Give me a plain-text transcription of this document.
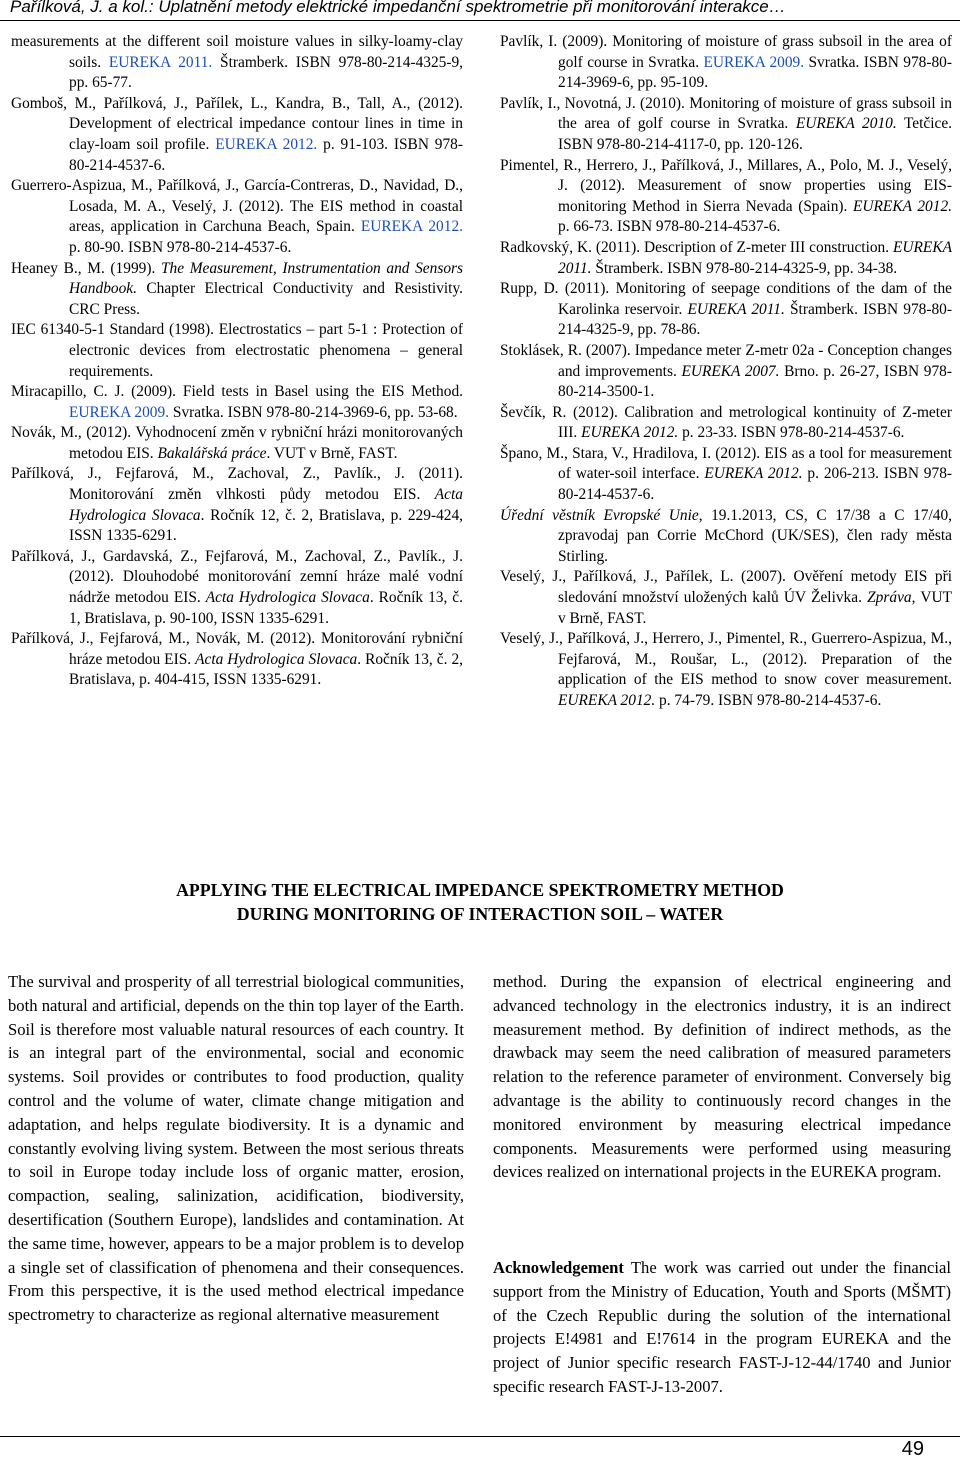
Pařílková, J. a kol.: Uplatnění metody elektrické impedanční spektrometrie při monitorování interakce…

measurements at the different soil moisture values in silky-loamy-clay soils. EUREKA 2011. Štramberk. ISBN 978-80-214-4325-9, pp. 65-77.

Gomboš, M., Pařílková, J., Pařílek, L., Kandra, B., Tall, A., (2012). Development of electrical impedance contour lines in time in clay-loam soil profile. EUREKA 2012. p. 91-103. ISBN 978-80-214-4537-6.

Guerrero-Aspizua, M., Pařílková, J., García-Contreras, D., Navidad, D., Losada, M. A., Veselý, J. (2012). The EIS method in coastal areas, application in Carchuna Beach, Spain. EUREKA 2012. p. 80-90. ISBN 978-80-214-4537-6.

Heaney B., M. (1999). The Measurement, Instrumentation and Sensors Handbook. Chapter Electrical Conductivity and Resistivity. CRC Press.

IEC 61340-5-1 Standard (1998). Electrostatics – part 5-1 : Protection of electronic devices from electrostatic phenomena – general requirements.

Miracapillo, C. J. (2009). Field tests in Basel using the EIS Method. EUREKA 2009. Svratka. ISBN 978-80-214-3969-6, pp. 53-68.

Novák, M., (2012). Vyhodnocení změn v rybniční hrázi monitorovaných metodou EIS. Bakalářská práce. VUT v Brně, FAST.

Pařílková, J., Fejfarová, M., Zachoval, Z., Pavlík., J. (2011). Monitorování změn vlhkosti půdy metodou EIS. Acta Hydrologica Slovaca. Ročník 12, č. 2, Bratislava, p. 229-424, ISSN 1335-6291.

Pařílková, J., Gardavská, Z., Fejfarová, M., Zachoval, Z., Pavlík., J. (2012). Dlouhodobé monitorování zemní hráze malé vodní nádrže metodou EIS. Acta Hydrologica Slovaca. Ročník 13, č. 1, Bratislava, p. 90-100, ISSN 1335-6291.

Pařílková, J., Fejfarová, M., Novák, M. (2012). Monitorování rybniční hráze metodou EIS. Acta Hydrologica Slovaca. Ročník 13, č. 2, Bratislava, p. 404-415, ISSN 1335-6291.

Pavlík, I. (2009). Monitoring of moisture of grass subsoil in the area of golf course in Svratka. EUREKA 2009. Svratka. ISBN 978-80-214-3969-6, pp. 95-109.

Pavlík, I., Novotná, J. (2010). Monitoring of moisture of grass subsoil in the area of golf course in Svratka. EUREKA 2010. Tetčice. ISBN 978-80-214-4117-0, pp. 120-126.

Pimentel, R., Herrero, J., Pařílková, J., Millares, A., Polo, M. J., Veselý, J. (2012). Measurement of snow properties using EIS-monitoring Method in Sierra Nevada (Spain). EUREKA 2012. p. 66-73. ISBN 978-80-214-4537-6.

Radkovský, K. (2011). Description of Z-meter III construction. EUREKA 2011. Štramberk. ISBN 978-80-214-4325-9, pp. 34-38.

Rupp, D. (2011). Monitoring of seepage conditions of the dam of the Karolinka reservoir. EUREKA 2011. Štramberk. ISBN 978-80-214-4325-9, pp. 78-86.

Stoklásek, R. (2007). Impedance meter Z-metr 02a - Conception changes and improvements. EUREKA 2007. Brno. p. 26-27, ISBN 978-80-214-3500-1.

Ševčík, R. (2012). Calibration and metrological kontinuity of Z-meter III. EUREKA 2012. p. 23-33. ISBN 978-80-214-4537-6.

Špano, M., Stara, V., Hradilova, I. (2012). EIS as a tool for measurement of water-soil interface. EUREKA 2012. p. 206-213. ISBN 978-80-214-4537-6.

Úřední věstník Evropské Unie, 19.1.2013, CS, C 17/38 a C 17/40, zpravodaj pan Corrie McChord (UK/SES), člen rady města Stirling.

Veselý, J., Pařílková, J., Pařílek, L. (2007). Ověření metody EIS při sledování množství uložených kalů ÚV Želivka. Zpráva, VUT v Brně, FAST.

Veselý, J., Pařílková, J., Herrero, J., Pimentel, R., Guerrero-Aspizua, M., Fejfarová, M., Roušar, L., (2012). Preparation of the application of the EIS method to snow cover measurement. EUREKA 2012. p. 74-79. ISBN 978-80-214-4537-6.

APPLYING THE ELECTRICAL IMPEDANCE SPEKTROMETRY METHOD
DURING MONITORING OF INTERACTION SOIL – WATER

The survival and prosperity of all terrestrial biological communities, both natural and artificial, depends on the thin top layer of the Earth. Soil is therefore most valuable natural resources of each country. It is an integral part of the environmental, social and economic systems. Soil provides or contributes to food production, quality control and the volume of water, climate change mitigation and adaptation, and helps regulate biodiversity. It is a dynamic and constantly evolving living system. Between the most serious threats to soil in Europe today include loss of organic matter, erosion, compaction, sealing, salinization, acidification, biodiversity, desertification (Southern Europe), landslides and contamination. At the same time, however, appears to be a major problem is to develop a single set of classification of phenomena and their consequences. From this perspective, it is the used method electrical impedance spectrometry to characterize as regional alternative measurement

method. During the expansion of electrical engineering and advanced technology in the electronics industry, it is an indirect measurement method. By definition of indirect methods, as the drawback may seem the need calibration of measured parameters relation to the reference parameter of environment. Conversely big advantage is the ability to continuously record changes in the monitored environment by measuring electrical impedance components. Measurements were performed using measuring devices realized on international projects in the EUREKA program.

Acknowledgement The work was carried out under the financial support from the Ministry of Education, Youth and Sports (MŠMT) of the Czech Republic during the solution of the international projects E!4981 and E!7614 in the program EUREKA and the project of Junior specific research FAST-J-12-44/1740 and Junior specific research FAST-J-13-2007.

49
